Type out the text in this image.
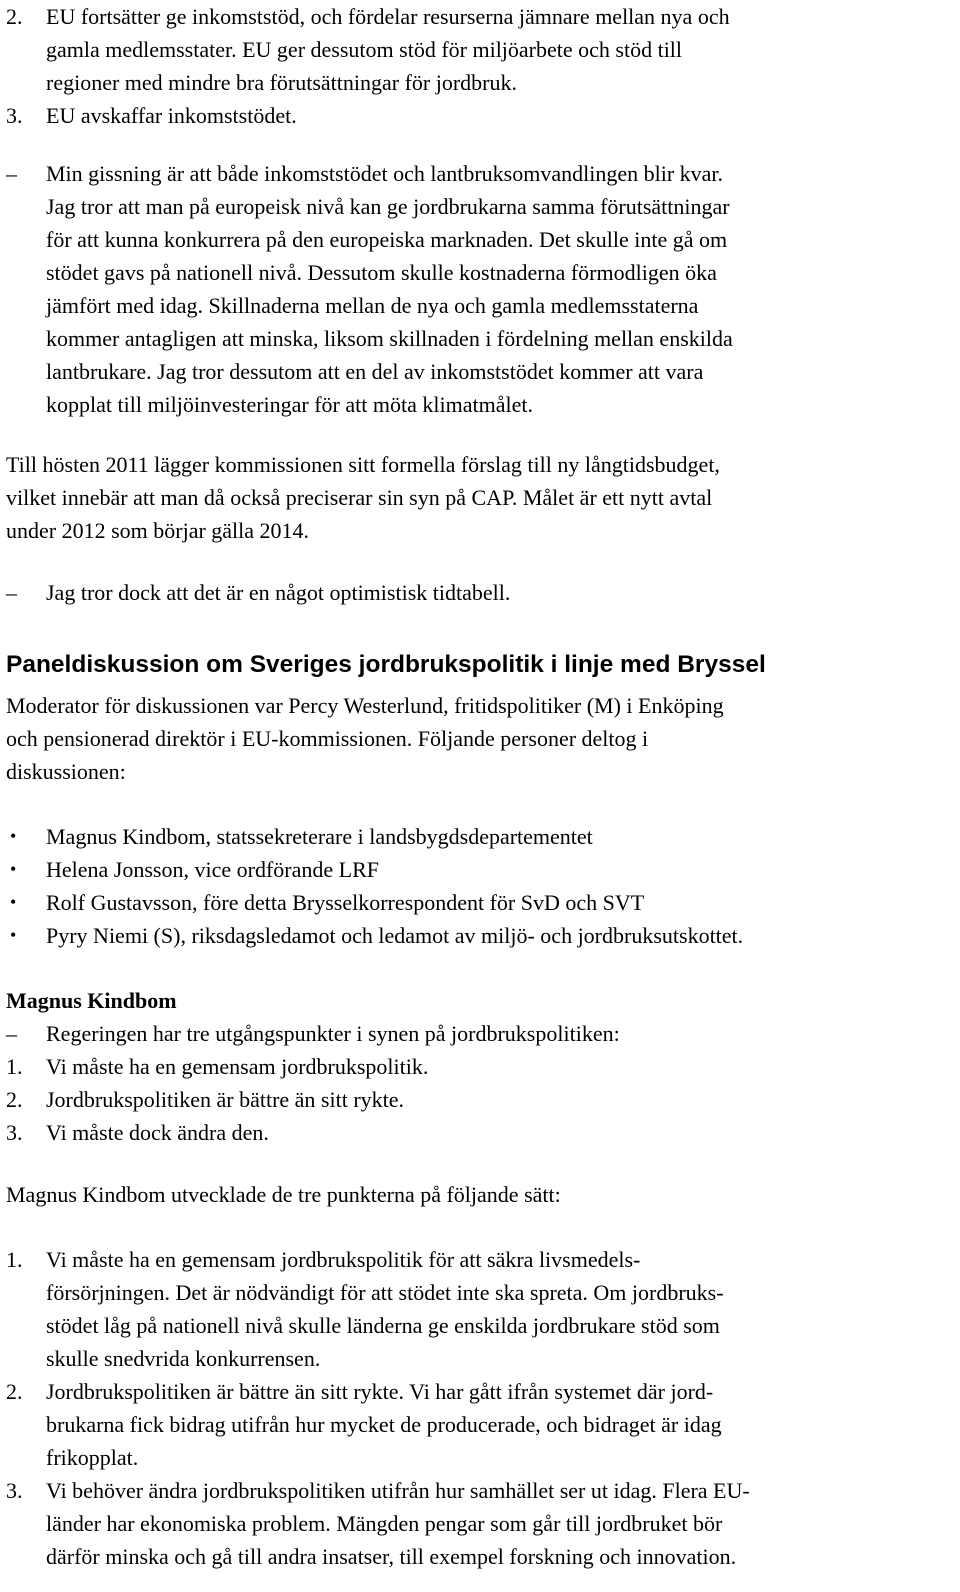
2. EU fortsätter ge inkomststöd, och fördelar resurserna jämnare mellan nya och
gamla medlemsstater. EU ger dessutom stöd för miljöarbete och stöd till
regioner med mindre bra förutsättningar för jordbruk.
3. EU avskaffar inkomststödet.
– Min gissning är att både inkomststödet och lantbruksomvandlingen blir kvar.
Jag tror att man på europeisk nivå kan ge jordbrukarna samma förutsättningar
för att kunna konkurrera på den europeiska marknaden. Det skulle inte gå om
stödet gavs på nationell nivå. Dessutom skulle kostnaderna förmodligen öka
jämfört med idag. Skillnaderna mellan de nya och gamla medlemsstaterna
kommer antagligen att minska, liksom skillnaden i fördelning mellan enskilda
lantbrukare. Jag tror dessutom att en del av inkomststödet kommer att vara
kopplat till miljöinvesteringar för att möta klimatmålet.
Till hösten 2011 lägger kommissionen sitt formella förslag till ny långtidsbudget,
vilket innebär att man då också preciserar sin syn på CAP. Målet är ett nytt avtal
under 2012 som börjar gälla 2014.
– Jag tror dock att det är en något optimistisk tidtabell.
Paneldiskussion om Sveriges jordbrukspolitik i linje med Bryssel
Moderator för diskussionen var Percy Westerlund, fritidspolitiker (M) i Enköping
och pensionerad direktör i EU-kommissionen. Följande personer deltog i
diskussionen:
• Magnus Kindbom, statssekreterare i landsbygdsdepartementet
• Helena Jonsson, vice ordförande LRF
• Rolf Gustavsson, före detta Brysselkorrespondent för SvD och SVT
• Pyry Niemi (S), riksdagsledamot och ledamot av miljö- och jordbruksutskottet.
Magnus Kindbom
– Regeringen har tre utgångspunkter i synen på jordbrukspolitiken:
1. Vi måste ha en gemensam jordbrukspolitik.
2. Jordbrukspolitiken är bättre än sitt rykte.
3. Vi måste dock ändra den.
Magnus Kindbom utvecklade de tre punkterna på följande sätt:
1. Vi måste ha en gemensam jordbrukspolitik för att säkra livsmedels-
försörjningen. Det är nödvändigt för att stödet inte ska spreta. Om jordbruks-
stödet låg på nationell nivå skulle länderna ge enskilda jordbrukare stöd som
skulle snedvrida konkurrensen.
2. Jordbrukspolitiken är bättre än sitt rykte. Vi har gått ifrån systemet där jord-
brukarna fick bidrag utifrån hur mycket de producerade, och bidraget är idag
frikopplat.
3. Vi behöver ändra jordbrukspolitiken utifrån hur samhället ser ut idag. Flera EU-
länder har ekonomiska problem. Mängden pengar som går till jordbruket bör
därför minska och gå till andra insatser, till exempel forskning och innovation.
